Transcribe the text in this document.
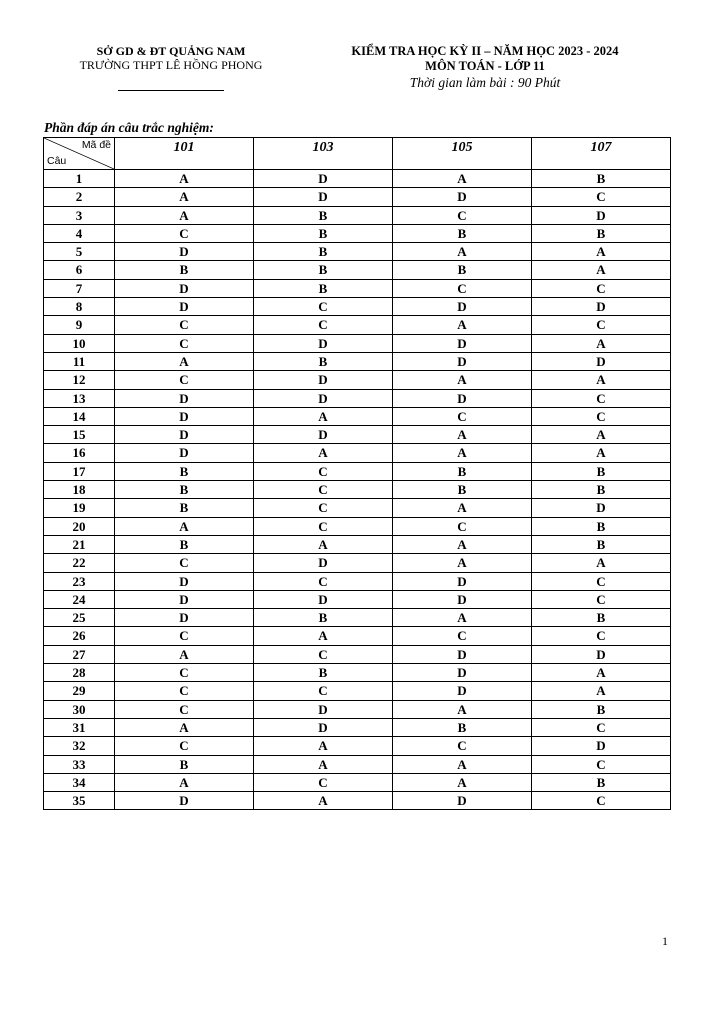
SỞ GD & ĐT QUẢNG NAM
TRƯỜNG THPT LÊ HỒNG PHONG
KIỂM TRA HỌC KỲ II – NĂM HỌC 2023 - 2024
MÔN TOÁN - LỚP 11
Thời gian làm bài : 90 Phút
Phần đáp án câu trắc nghiệm:
Mã đề
Câu	101	103	105	107
1	A	D	A	B
2	A	D	D	C
3	A	B	C	D
4	C	B	B	B
5	D	B	A	A
6	B	B	B	A
7	D	B	C	C
8	D	C	D	D
9	C	C	A	C
10	C	D	D	A
11	A	B	D	D
12	C	D	A	A
13	D	D	D	C
14	D	A	C	C
15	D	D	A	A
16	D	A	A	A
17	B	C	B	B
18	B	C	B	B
19	B	C	A	D
20	A	C	C	B
21	B	A	A	B
22	C	D	A	A
23	D	C	D	C
24	D	D	D	C
25	D	B	A	B
26	C	A	C	C
27	A	C	D	D
28	C	B	D	A
29	C	C	D	A
30	C	D	A	B
31	A	D	B	C
32	C	A	C	D
33	B	A	A	C
34	A	C	A	B
35	D	A	D	C
1
